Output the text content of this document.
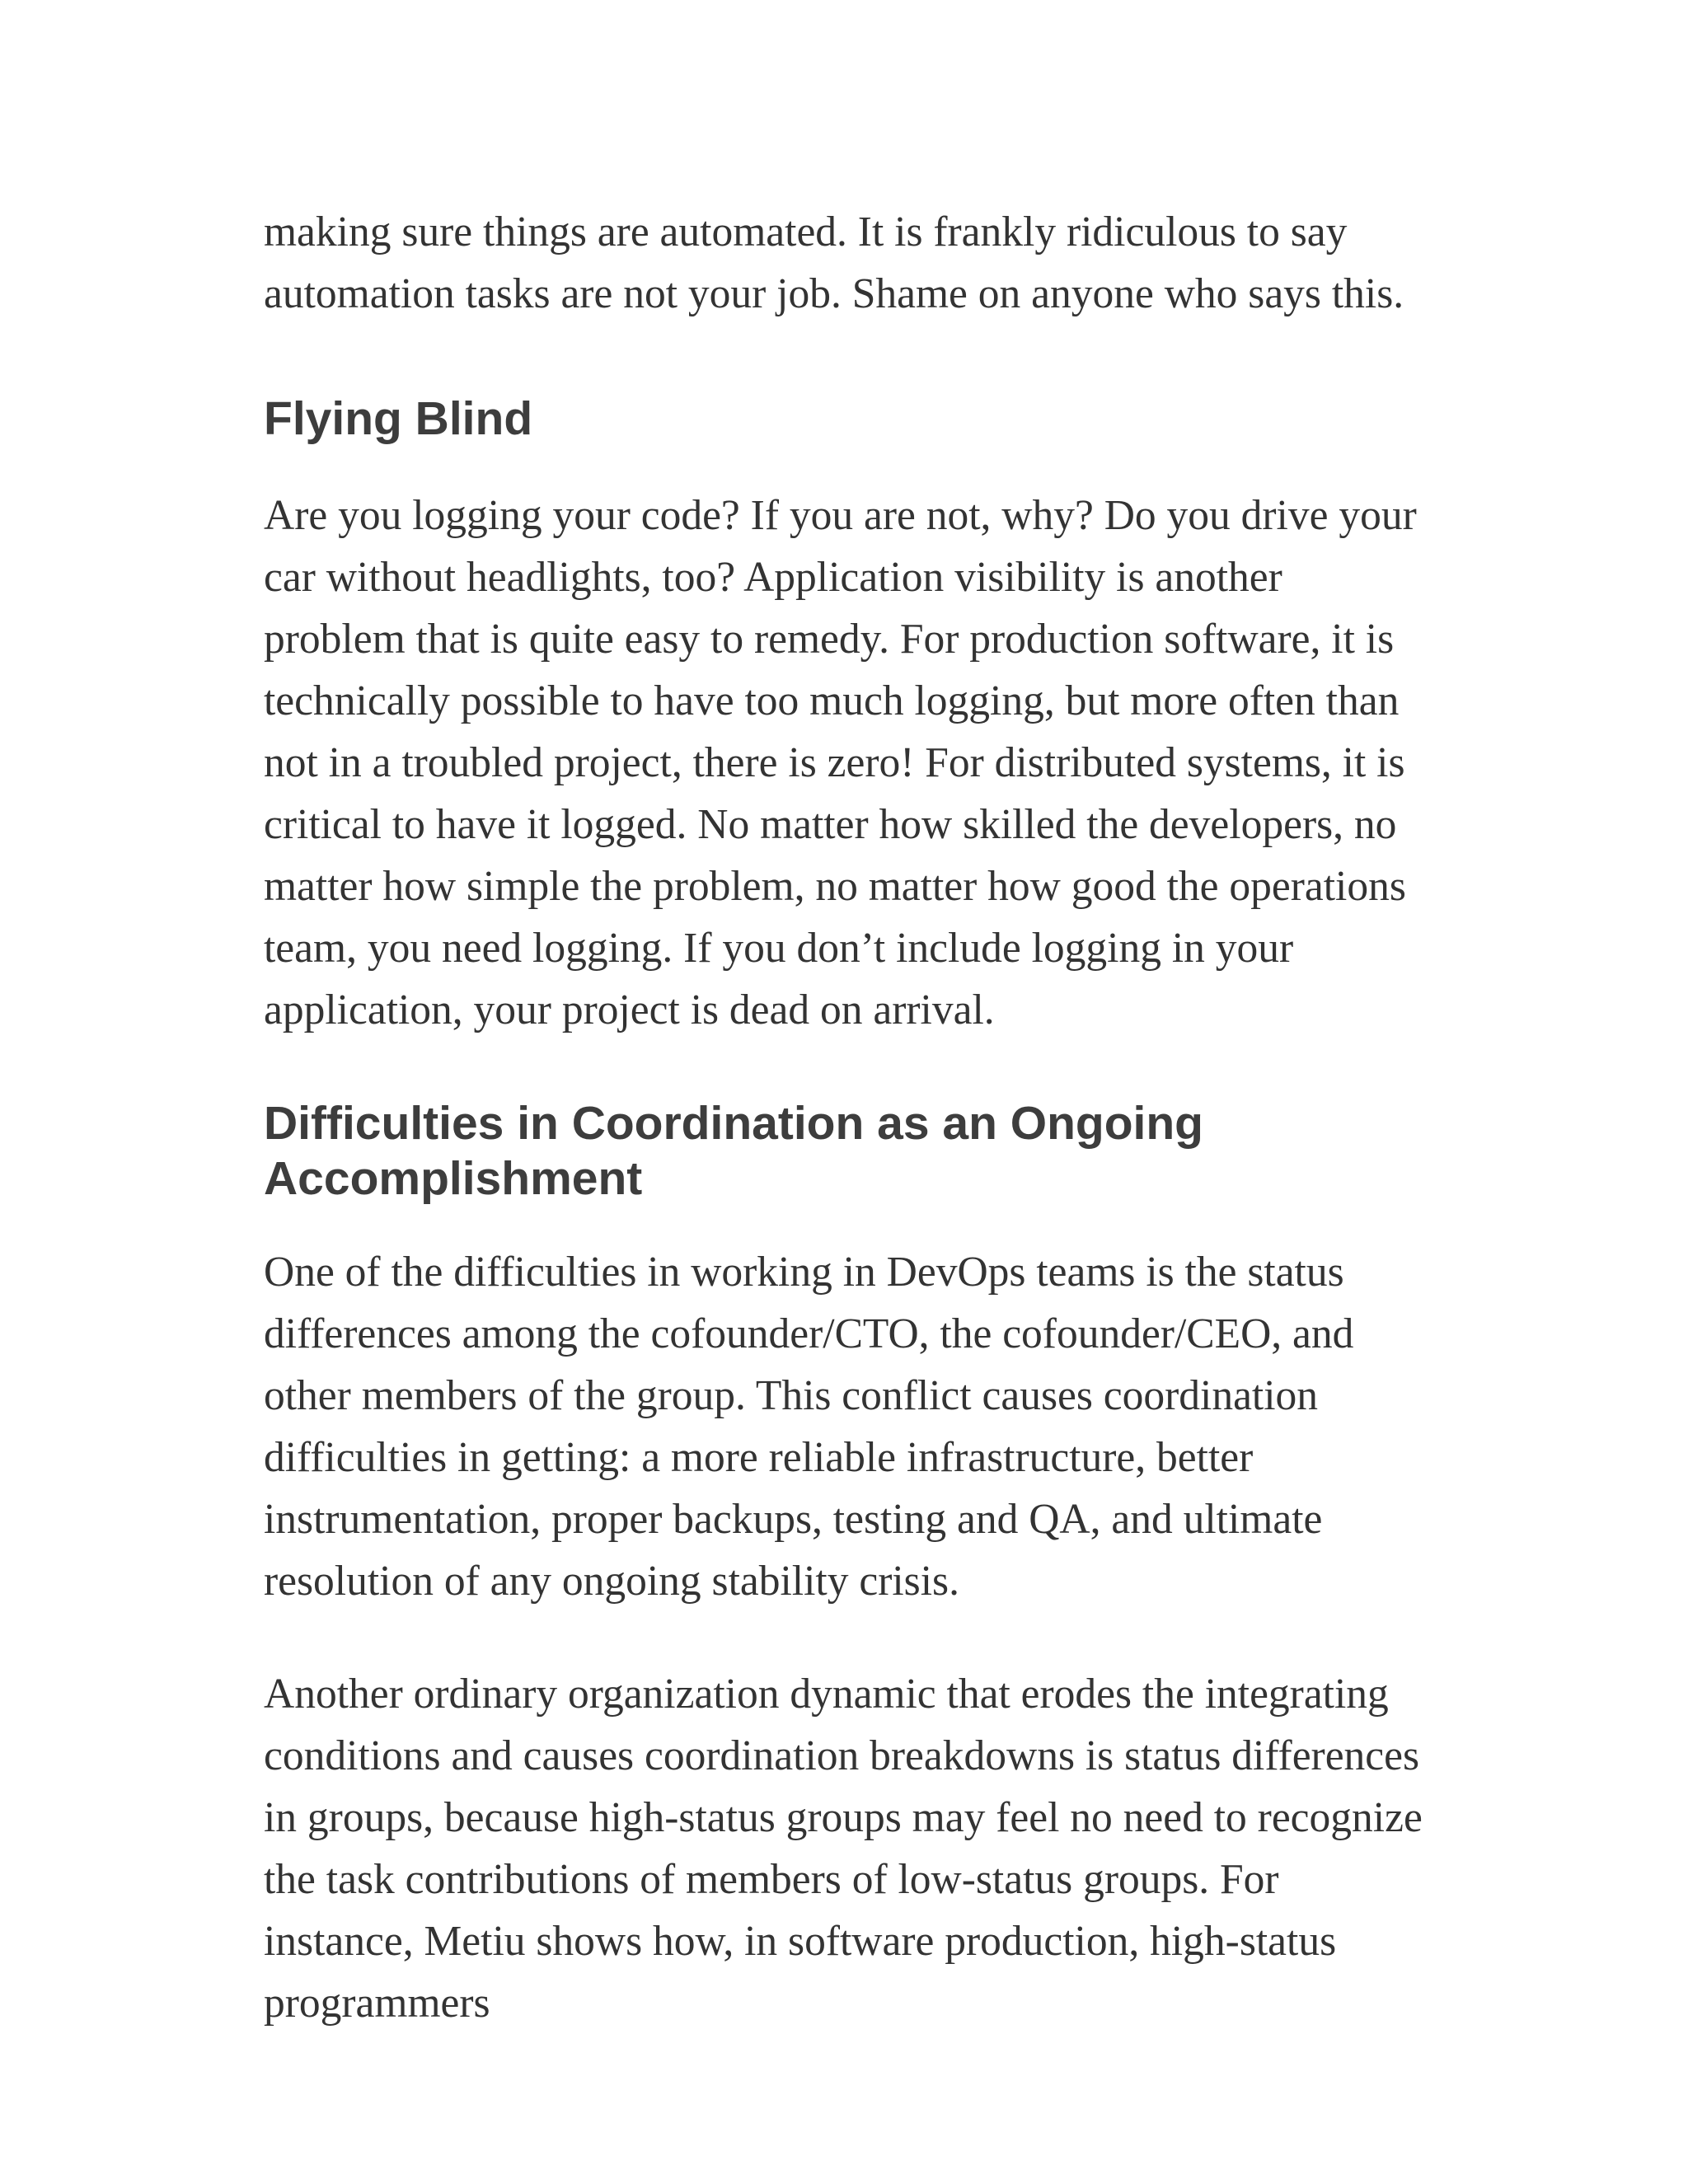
making sure things are automated. It is frankly ridiculous to say automation tasks are not your job. Shame on anyone who says this.

Flying Blind

Are you logging your code? If you are not, why? Do you drive your car without headlights, too? Application visibility is another problem that is quite easy to remedy. For production software, it is technically possible to have too much logging, but more often than not in a troubled project, there is zero! For distributed systems, it is critical to have it logged. No matter how skilled the developers, no matter how simple the problem, no matter how good the operations team, you need logging. If you don’t include logging in your application, your project is dead on arrival.

Difficulties in Coordination as an Ongoing Accomplishment

One of the difficulties in working in DevOps teams is the status differences among the cofounder/CTO, the cofounder/CEO, and other members of the group. This conflict causes coordination difficulties in getting: a more reliable infrastructure, better instrumentation, proper backups, testing and QA, and ultimate resolution of any ongoing stability crisis.

Another ordinary organization dynamic that erodes the integrating conditions and causes coordination breakdowns is status differences in groups, because high-status groups may feel no need to recognize the task contributions of members of low-status groups. For instance, Metiu shows how, in software production, high-status programmers
